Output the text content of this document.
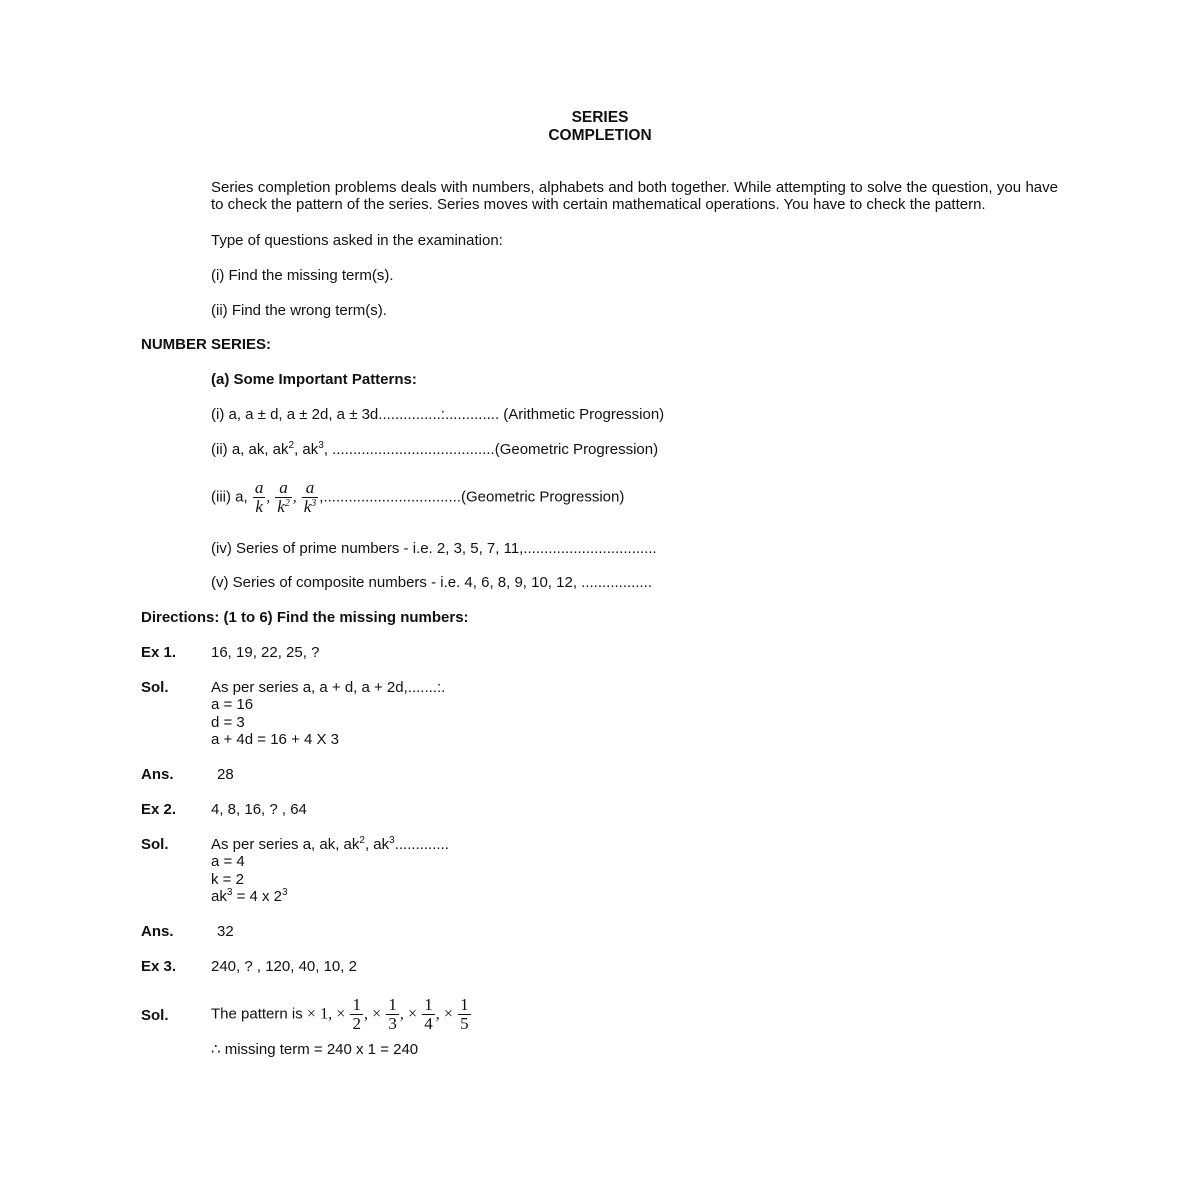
SERIES
COMPLETION
Series completion problems deals with numbers, alphabets and both together. While attempting to solve the question, you have to check the pattern of the series. Series moves with certain mathematical operations. You have to check the pattern.
Type of questions asked in the examination:
(i) Find the missing term(s).
(ii) Find the wrong term(s).
NUMBER SERIES:
(a) Some Important Patterns:
(i) a, a ± d, a ± 2d, a ± 3d...............:............. (Arithmetic Progression)
(ii) a, ak, $ak^2$, $ak^3$, .......................................(Geometric Progression)
(iii) a, $\frac{a}{k}$ , $\frac{a}{k^2}$ , $\frac{a}{k^3}$ ,.................................(Geometric Progression)
(iv) Series of prime numbers - i.e. 2, 3, 5, 7, 11,................................
(v) Series of composite numbers - i.e. 4, 6, 8, 9, 10, 12, .................
Directions: (1 to 6) Find the missing numbers:
Ex 1. 16, 19, 22, 25, ?
Sol.	As per series a, a + d, a + 2d,.......:.
a = 16
d = 3
a + 4d = 16 + 4 X 3
Ans.	28
Ex 2. 4, 8, 16, ? , 64
Sol.	As per series a, ak, $ak^2$, $ak^3$.............
a = 4
k = 2
$ak^3 = 4$ x $2^3$
Ans.	32
Ex 3. 240, ? , 120, 40, 10, 2
Sol.	The pattern is × 1, × $\frac{1}{2}$ , × $\frac{1}{3}$ , × $\frac{1}{4}$ , × $\frac{1}{5}$
∴ missing term = 240 x 1 = 240
